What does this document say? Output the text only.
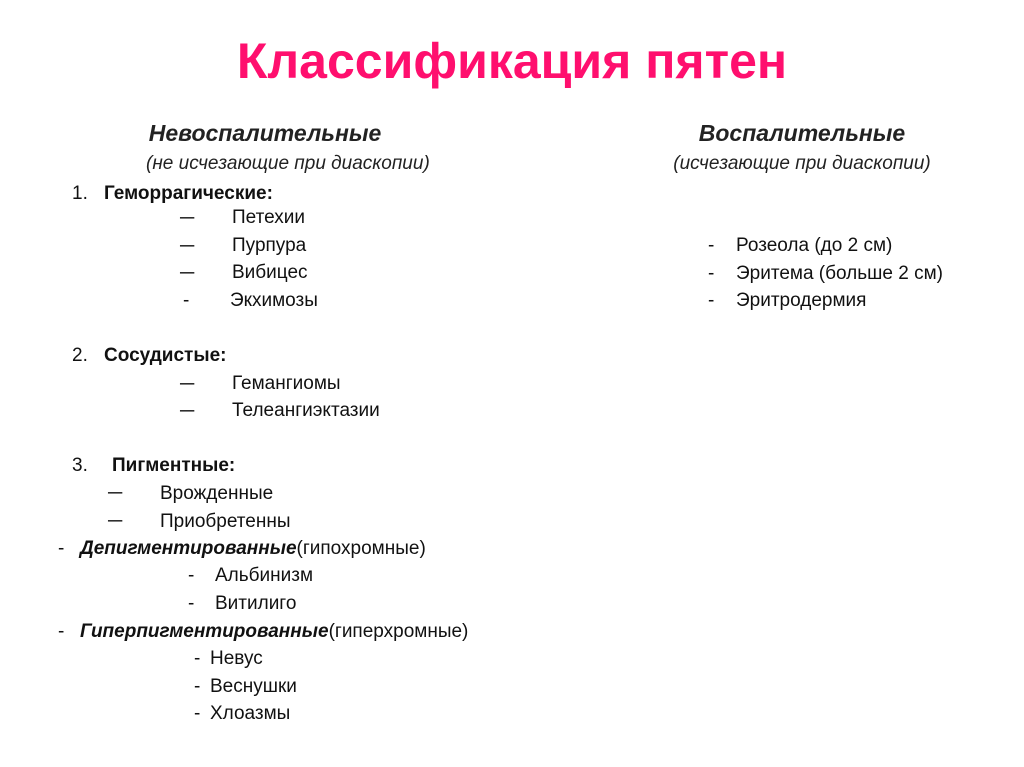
Классификация пятен
Невоспалительные
(не исчезающие при диаскопии)
Воспалительные
(исчезающие при диаскопии)
1. Геморрагические:
─ Петехии
─ Пурпура
─ Вибицес
- Экхимозы
2. Сосудистые:
─ Гемангиомы
─ Телеангиэктазии
3. Пигментные:
─ Врожденные
─ Приобретенны
- Депигментированные(гипохромные)
- Альбинизм
- Витилиго
- Гиперпигментированные(гиперхромные)
- Невус
- Веснушки
- Хлоазмы
- Розеола (до 2 см)
- Эритема (больше 2 см)
- Эритродермия
